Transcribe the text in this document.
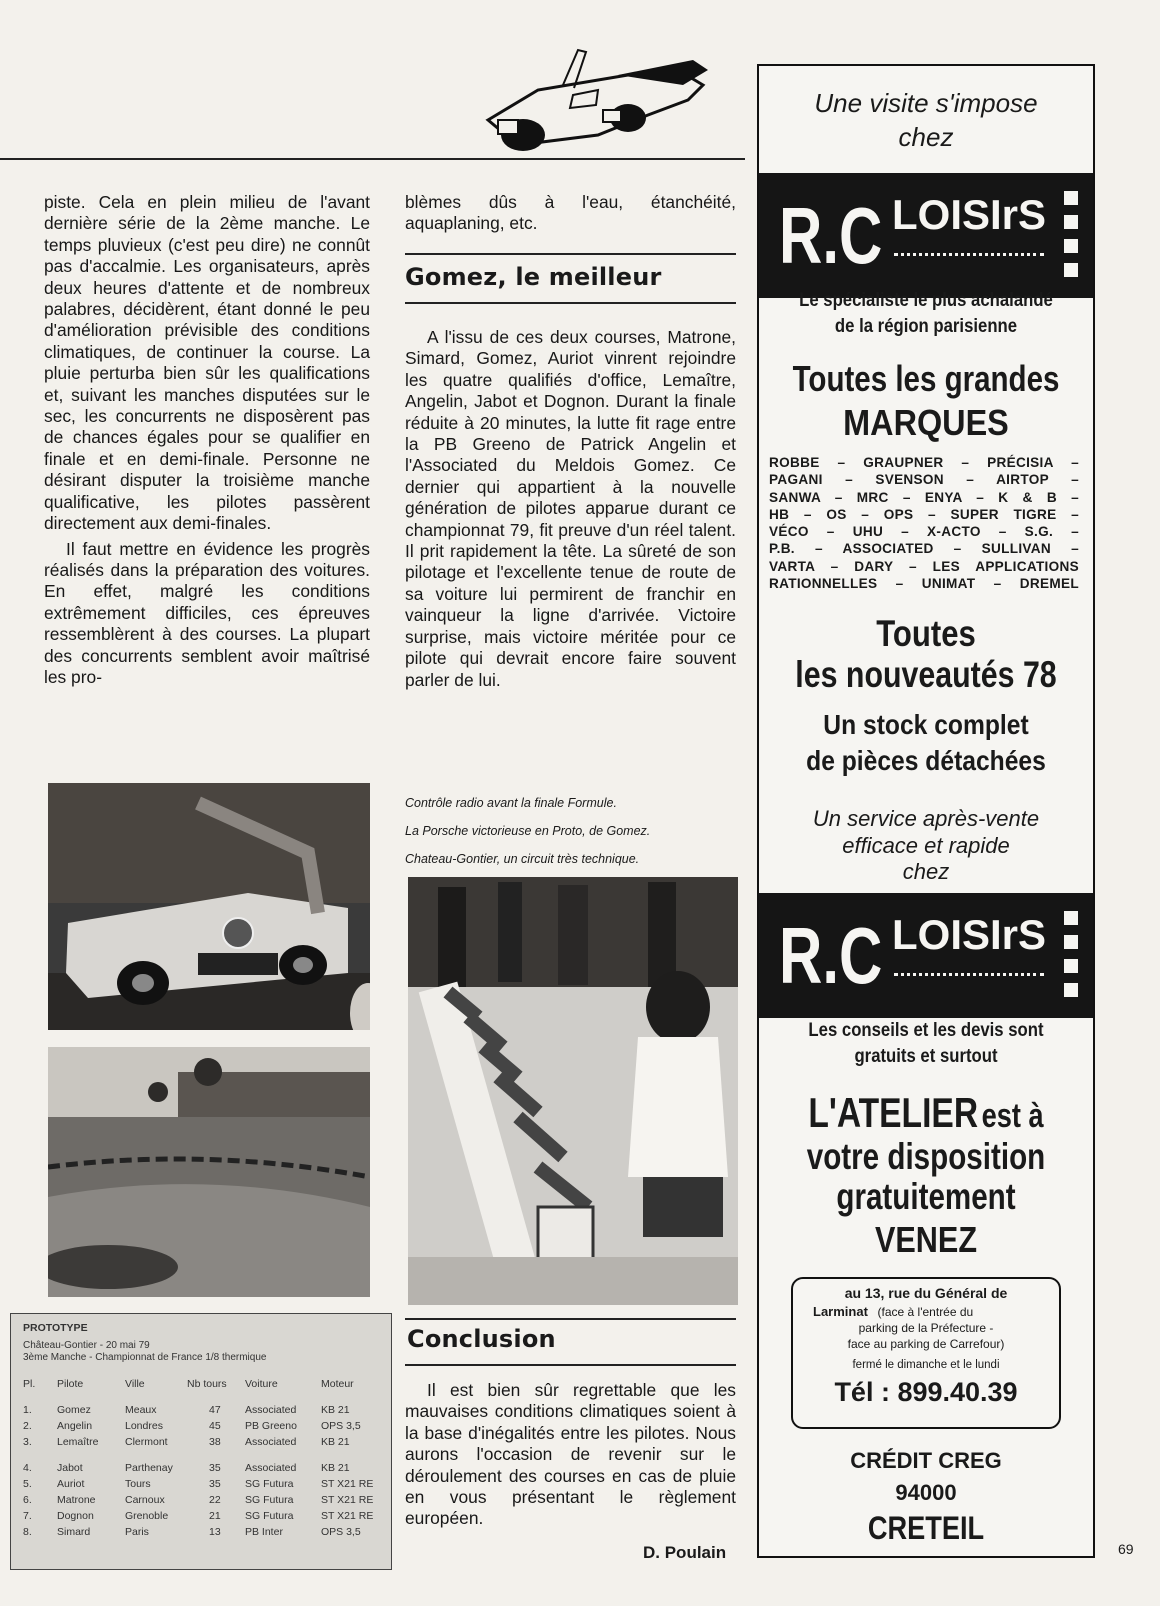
piste. Cela en plein milieu de l'avant dernière série de la 2ème manche. Le temps pluvieux (c'est peu dire) ne connût pas d'accalmie. Les organisateurs, après deux heures d'attente et de nombreux palabres, décidèrent, étant donné le peu d'amélioration prévisible des conditions climatiques, de continuer la course. La pluie perturba bien sûr les qualifications et, suivant les manches disputées sur le sec, les concurrents ne disposèrent pas de chances égales pour se qualifier en finale et en demi-finale. Personne ne désirant disputer la troisième manche qualificative, les pilotes passèrent directement aux demi-finales.

Il faut mettre en évidence les progrès réalisés dans la préparation des voitures. En effet, malgré les conditions extrêmement difficiles, ces épreuves ressemblèrent à des courses. La plupart des concurrents semblent avoir maîtrisé les pro-

PROTOTYPE

Château-Gontier - 20 mai 79

3ème Manche - Championnat de France 1/8 thermique

Pl.	Pilote	Ville	Nb tours	Voiture	Moteur
1.	Gomez	Meaux	47	Associated	KB 21
2.	Angelin	Londres	45	PB Greeno	OPS 3,5
3.	Lemaître	Clermont	38	Associated	KB 21
4.	Jabot	Parthenay	35	Associated	KB 21
5.	Auriot	Tours	35	SG Futura	ST X21 RE
6.	Matrone	Carnoux	22	SG Futura	ST X21 RE
7.	Dognon	Grenoble	21	SG Futura	ST X21 RE
8.	Simard	Paris	13	PB Inter	OPS 3,5

blèmes dûs à l'eau, étanchéité, aquaplaning, etc.

Gomez, le meilleur

A l'issu de ces deux courses, Matrone, Simard, Gomez, Auriot vinrent rejoindre les quatre qualifiés d'office, Lemaître, Angelin, Jabot et Dognon. Durant la finale réduite à 20 minutes, la lutte fit rage entre la PB Greeno de Patrick Angelin et l'Associated du Meldois Gomez. Ce dernier qui appartient à la nouvelle génération de pilotes apparue durant ce championnat 79, fit preuve d'un réel talent. Il prit rapidement la tête. La sûreté de son pilotage et l'excellente tenue de route de sa voiture lui permirent de franchir en vainqueur la ligne d'arrivée. Victoire surprise, mais victoire méritée pour ce pilote qui devrait encore faire souvent parler de lui.

Contrôle radio avant la finale Formule.

La Porsche victorieuse en Proto, de Gomez.

Chateau-Gontier, un circuit très technique.

Conclusion

Il est bien sûr regrettable que les mauvaises conditions climatiques soient à la base d'inégalités entre les pilotes. Nous aurons l'occasion de revenir sur le déroulement des courses en cas de pluie en vous présentant le règlement européen.

D. Poulain
Une visite s'impose
chez
R.C LOISIrS
Le spécialiste le plus achalandé
de la région parisienne
Toutes les grandes
MARQUES
ROBBE – GRAUPNER – PRÉCISIA –
PAGANI – SVENSON – AIRTOP –
SANWA – MRC – ENYA – K & B –
HB – OS – OPS – SUPER TIGRE –
VÉCO – UHU – X-ACTO – S.G. –
P.B. – ASSOCIATED – SULLIVAN –
VARTA – DARY – LES APPLICATIONS
RATIONNELLES – UNIMAT – DREMEL
Toutes
les nouveautés 78
Un stock complet
de pièces détachées
Un service après-vente
efficace et rapide
chez
R.C LOISIrS
Les conseils et les devis sont
gratuits et surtout
L'ATELIER est à
votre disposition
gratuitement
VENEZ
au 13, rue du Général de
Larminat (face à l'entrée du
parking de la Préfecture -
face au parking de Carrefour)
fermé le dimanche et le lundi
Tél : 899.40.39
CRÉDIT CREG
94000
CRETEIL
69
